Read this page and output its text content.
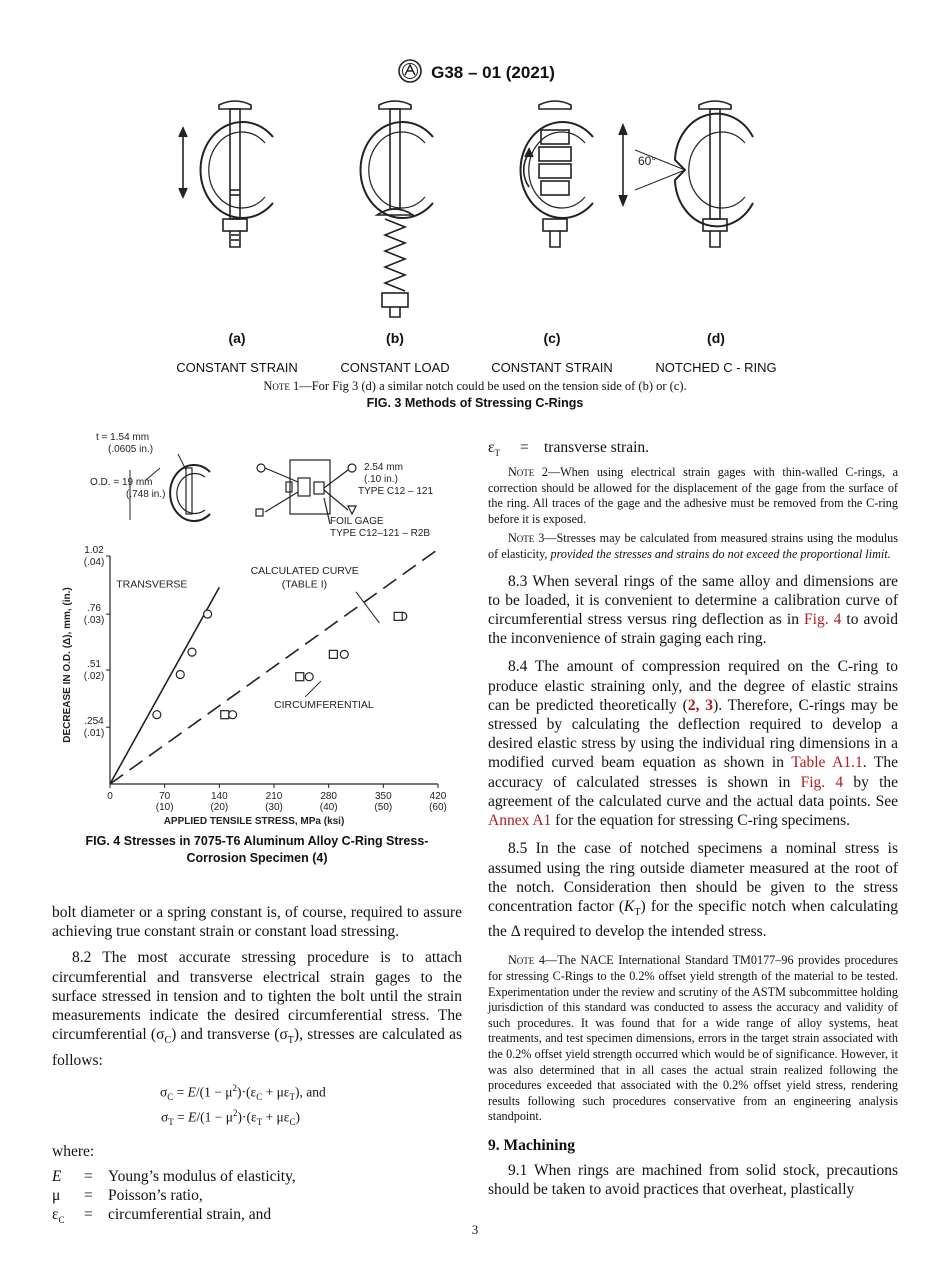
G38 – 01 (2021)
60°
(a)
CONSTANT STRAIN
(b)
CONSTANT LOAD
(c)
CONSTANT STRAIN
(d)
NOTCHED C - RING
Note 1—For Fig 3 (d) a similar notch could be used on the tension side of (b) or (c).
FIG. 3 Methods of Stressing C-Rings
t = 1.54 mm (.0605 in.) O.D. = 19 mm (.748 in.) 2.54 mm (.10 in.) TYPE C12 – 121 FOIL GAGE TYPE C12–121 – R2B
0	70
(10)
140
(20)
210
(30)
280
(40)
350
(50)
420
(60)
.254
(.01)
.51
(.02)
.76
(.03)
1.02
(.04)
APPLIED TENSILE STRESS, MPa (ksi)
DECREASE IN O.D. (Δ), mm, (in.)
TRANSVERSE
CALCULATED CURVE
(TABLE I)
CIRCUMFERENTIAL
FIG. 4 Stresses in 7075-T6 Aluminum Alloy C-Ring Stress-
Corrosion Specimen (4)
bolt diameter or a spring constant is, of course, required to assure achieving true constant strain or constant load stressing.
8.2 The most accurate stressing procedure is to attach circumferential and transverse electrical strain gages to the surface stressed in tension and to tighten the bolt until the strain measurements indicate the desired circumferential stress. The circumferential $(\sigma_C)$ and transverse $(\sigma_T)$, stresses are calculated as follows:
$\sigma_C = E/(1 - \mu^2)\cdot(\varepsilon_C + \mu\varepsilon_T)$, and
$\sigma_T = E/(1 - \mu^2)\cdot(\varepsilon_T + \mu\varepsilon_C)$
where:
E	= Young’s modulus of elasticity,
μ	= Poisson’s ratio,
$\varepsilon_C$	= circumferential strain, and
$\varepsilon_T$	= transverse strain.
Note 2—When using electrical strain gages with thin-walled C-rings, a correction should be allowed for the displacement of the gage from the surface of the ring. All traces of the gage and the adhesive must be removed from the C-ring before it is exposed.
Note 3—Stresses may be calculated from measured strains using the modulus of elasticity, provided the stresses and strains do not exceed the proportional limit.
8.3 When several rings of the same alloy and dimensions are to be loaded, it is convenient to determine a calibration curve of circumferential stress versus ring deflection as in Fig. 4 to avoid the inconvenience of strain gaging each ring.
8.4 The amount of compression required on the C-ring to produce elastic straining only, and the degree of elastic strains can be predicted theoretically (2, 3). Therefore, C-rings may be stressed by calculating the deflection required to develop a desired elastic stress by using the individual ring dimensions in a modified curved beam equation as shown in Table A1.1. The accuracy of calculated stresses is shown in Fig. 4 by the agreement of the calculated curve and the actual data points. See Annex A1 for the equation for stressing C-ring specimens.
8.5 In the case of notched specimens a nominal stress is assumed using the ring outside diameter measured at the root of the notch. Consideration then should be given to the stress concentration factor $(K_T)$ for the specific notch when calculating the Δ required to develop the intended stress.
Note 4—The NACE International Standard TM0177–96 provides procedures for stressing C-Rings to the 0.2% offset yield strength of the material to be tested. Experimentation under the review and scrutiny of the ASTM subcommittee holding jurisdiction of this standard was conducted to assess the accuracy and validity of such procedures. It was found that for a wide range of alloy systems, heat treatments, and test specimen dimensions, errors in the target strain associated with the 0.2% offset yield strength occurred which would be of significance. However, it was also determined that in all cases the actual strain realized following the procedures exceeded that associated with the 0.2% offset yield stress, rendering results following such procedures conservative from an engineering analysis standpoint.
9. Machining
9.1 When rings are machined from solid stock, precautions should be taken to avoid practices that overheat, plastically
3
